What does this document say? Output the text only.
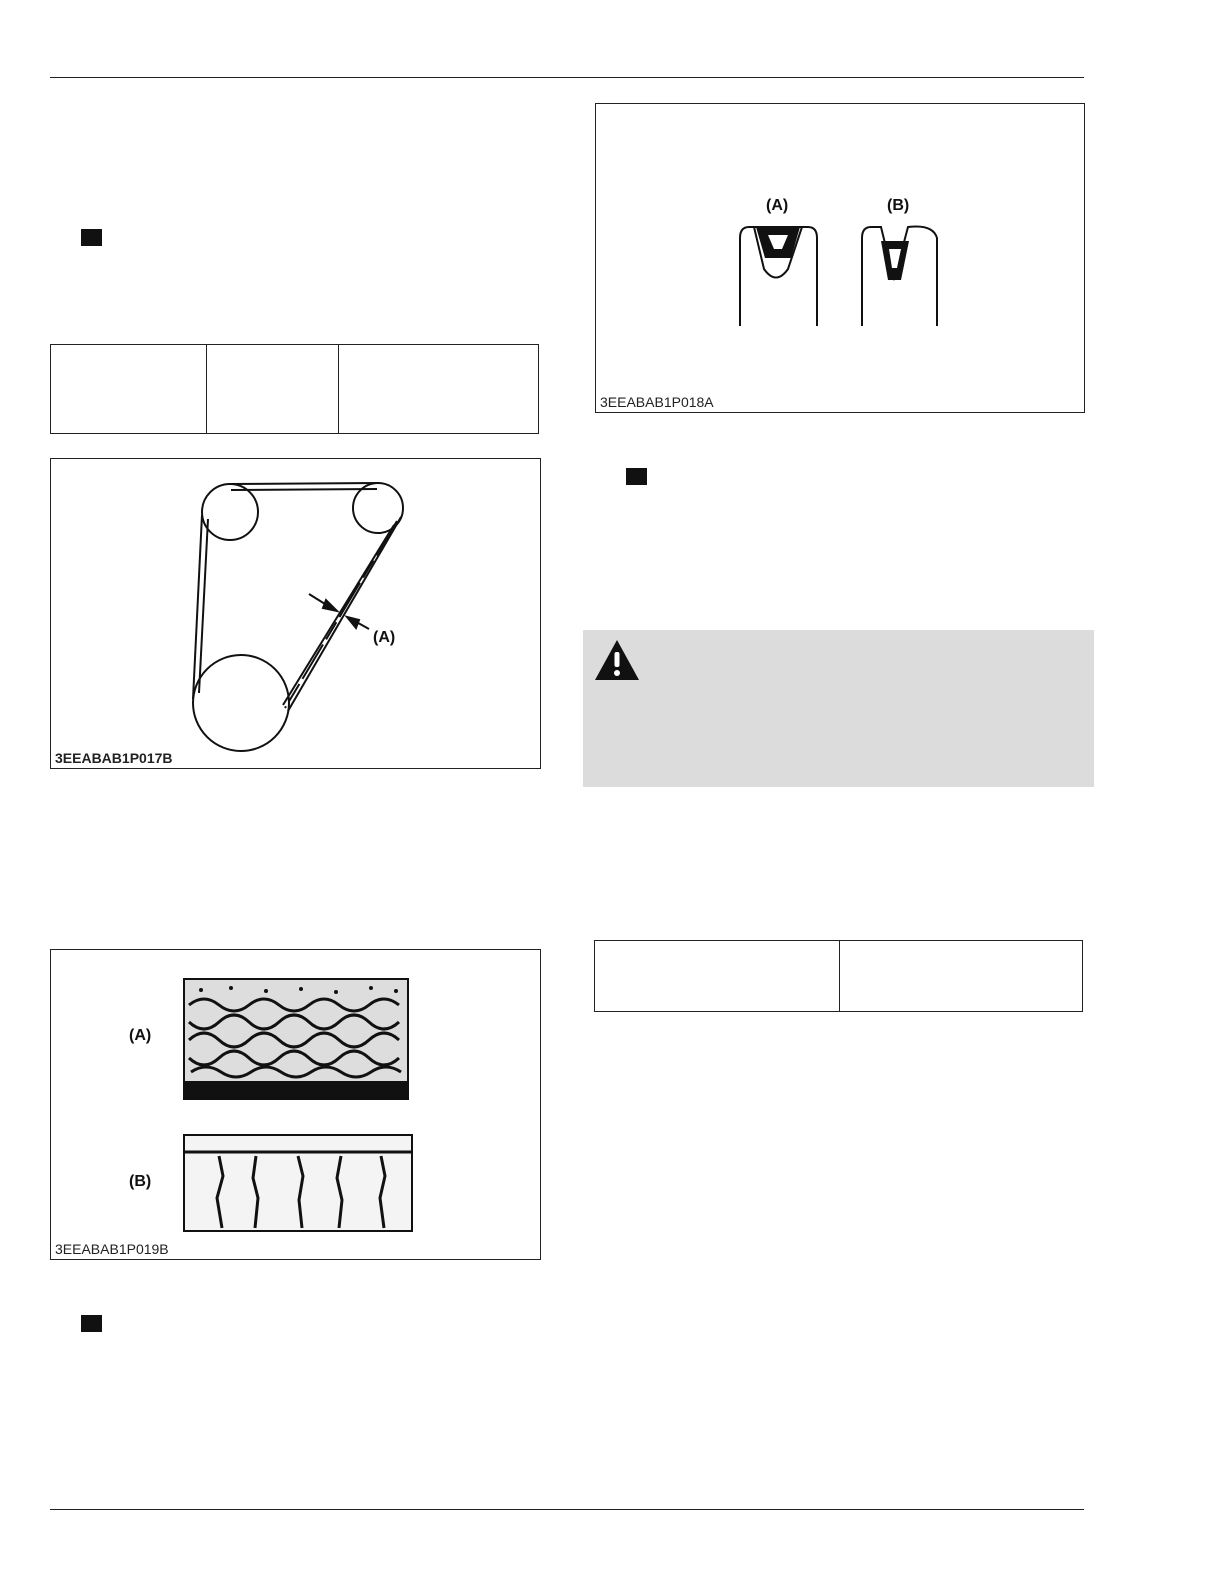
(A)
3EEABAB1P017B
(A)	(B)
3EEABAB1P018A
(A)
(B)
3EEABAB1P019B
